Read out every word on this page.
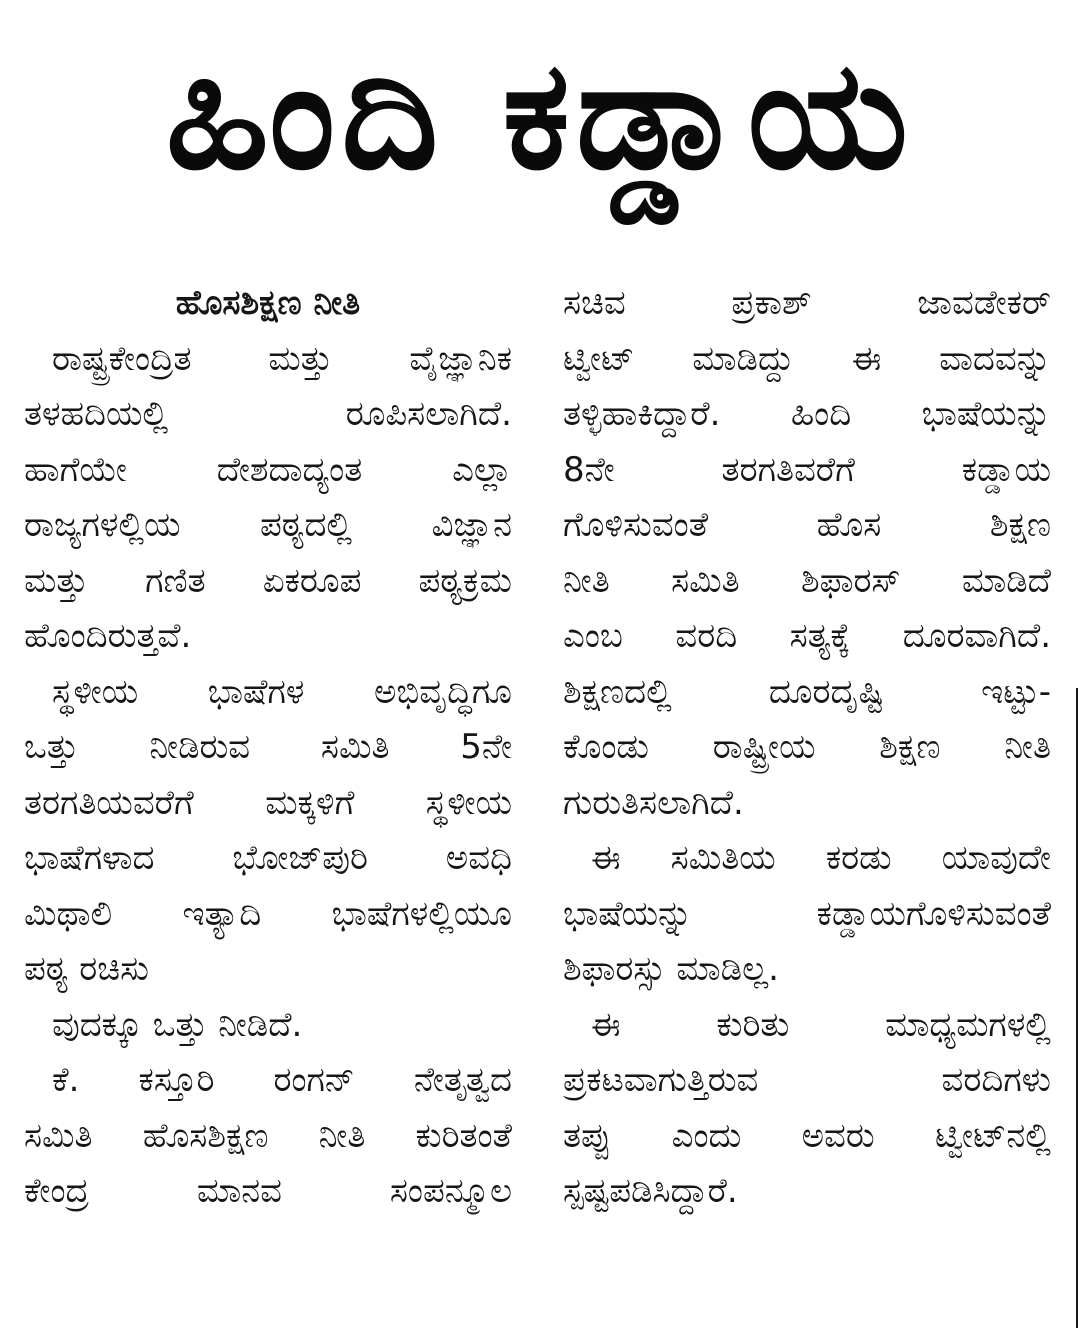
ಹಿಂದಿ ಕಡ್ಡಾಯ
ಹೊಸಶಿಕ್ಷಣ ನೀತಿ
ರಾಷ್ಟ್ರಕೇಂದ್ರಿತ ಮತ್ತು ವೈಜ್ಞಾನಿಕ
ತಳಹದಿಯಲ್ಲಿ ರೂಪಿಸಲಾಗಿದೆ.
ಹಾಗೆಯೇ ದೇಶದಾದ್ಯಂತ ಎಲ್ಲಾ
ರಾಜ್ಯಗಳಲ್ಲಿಯ ಪಠ್ಯದಲ್ಲಿ ವಿಜ್ಞಾನ
ಮತ್ತು ಗಣಿತ ಏಕರೂಪ ಪಠ್ಯಕ್ರಮ
ಹೊಂದಿರುತ್ತವೆ.
ಸ್ಥಳೀಯ ಭಾಷೆಗಳ ಅಭಿವೃದ್ಧಿಗೂ
ಒತ್ತು ನೀಡಿರುವ ಸಮಿತಿ 5ನೇ
ತರಗತಿಯವರೆಗೆ ಮಕ್ಕಳಿಗೆ ಸ್ಥಳೀಯ
ಭಾಷೆಗಳಾದ ಭೋಜ್‌ಪುರಿ ಅವಧಿ
ಮಿಥಾಲಿ ಇತ್ಯಾದಿ ಭಾಷೆಗಳಲ್ಲಿಯೂ
ಪಠ್ಯ ರಚಿಸು
ವುದಕ್ಕೂ ಒತ್ತು ನೀಡಿದೆ.
ಕೆ. ಕಸ್ತೂರಿ ರಂಗನ್ ನೇತೃತ್ವದ
ಸಮಿತಿ ಹೊಸಶಿಕ್ಷಣ ನೀತಿ ಕುರಿತಂತೆ
ಕೇಂದ್ರ ಮಾನವ ಸಂಪನ್ಮೂಲ
ಸಚಿವ ಪ್ರಕಾಶ್ ಜಾವಡೇಕರ್
ಟ್ವೀಟ್ ಮಾಡಿದ್ದು ಈ ವಾದವನ್ನು
ತಳ್ಳಿಹಾಕಿದ್ದಾರೆ. ಹಿಂದಿ ಭಾಷೆಯನ್ನು
8ನೇ ತರಗತಿವರೆಗೆ ಕಡ್ಡಾಯ
ಗೊಳಿಸುವಂತೆ ಹೊಸ ಶಿಕ್ಷಣ
ನೀತಿ ಸಮಿತಿ ಶಿಫಾರಸ್ ಮಾಡಿದೆ
ಎಂಬ ವರದಿ ಸತ್ಯಕ್ಕೆ ದೂರವಾಗಿದೆ.
ಶಿಕ್ಷಣದಲ್ಲಿ ದೂರದೃಷ್ಟಿ ಇಟ್ಟು-
ಕೊಂಡು ರಾಷ್ಟ್ರೀಯ ಶಿಕ್ಷಣ ನೀತಿ
ಗುರುತಿಸಲಾಗಿದೆ.
ಈ ಸಮಿತಿಯ ಕರಡು ಯಾವುದೇ
ಭಾಷೆಯನ್ನು ಕಡ್ಡಾಯಗೊಳಿಸುವಂತೆ
ಶಿಫಾರಸ್ಸು ಮಾಡಿಲ್ಲ.
ಈ ಕುರಿತು ಮಾಧ್ಯಮಗಳಲ್ಲಿ
ಪ್ರಕಟವಾಗುತ್ತಿರುವ ವರದಿಗಳು
ತಪ್ಪು ಎಂದು ಅವರು ಟ್ವೀಟ್‌ನಲ್ಲಿ
ಸ್ಪಷ್ಟಪಡಿಸಿದ್ದಾರೆ.
